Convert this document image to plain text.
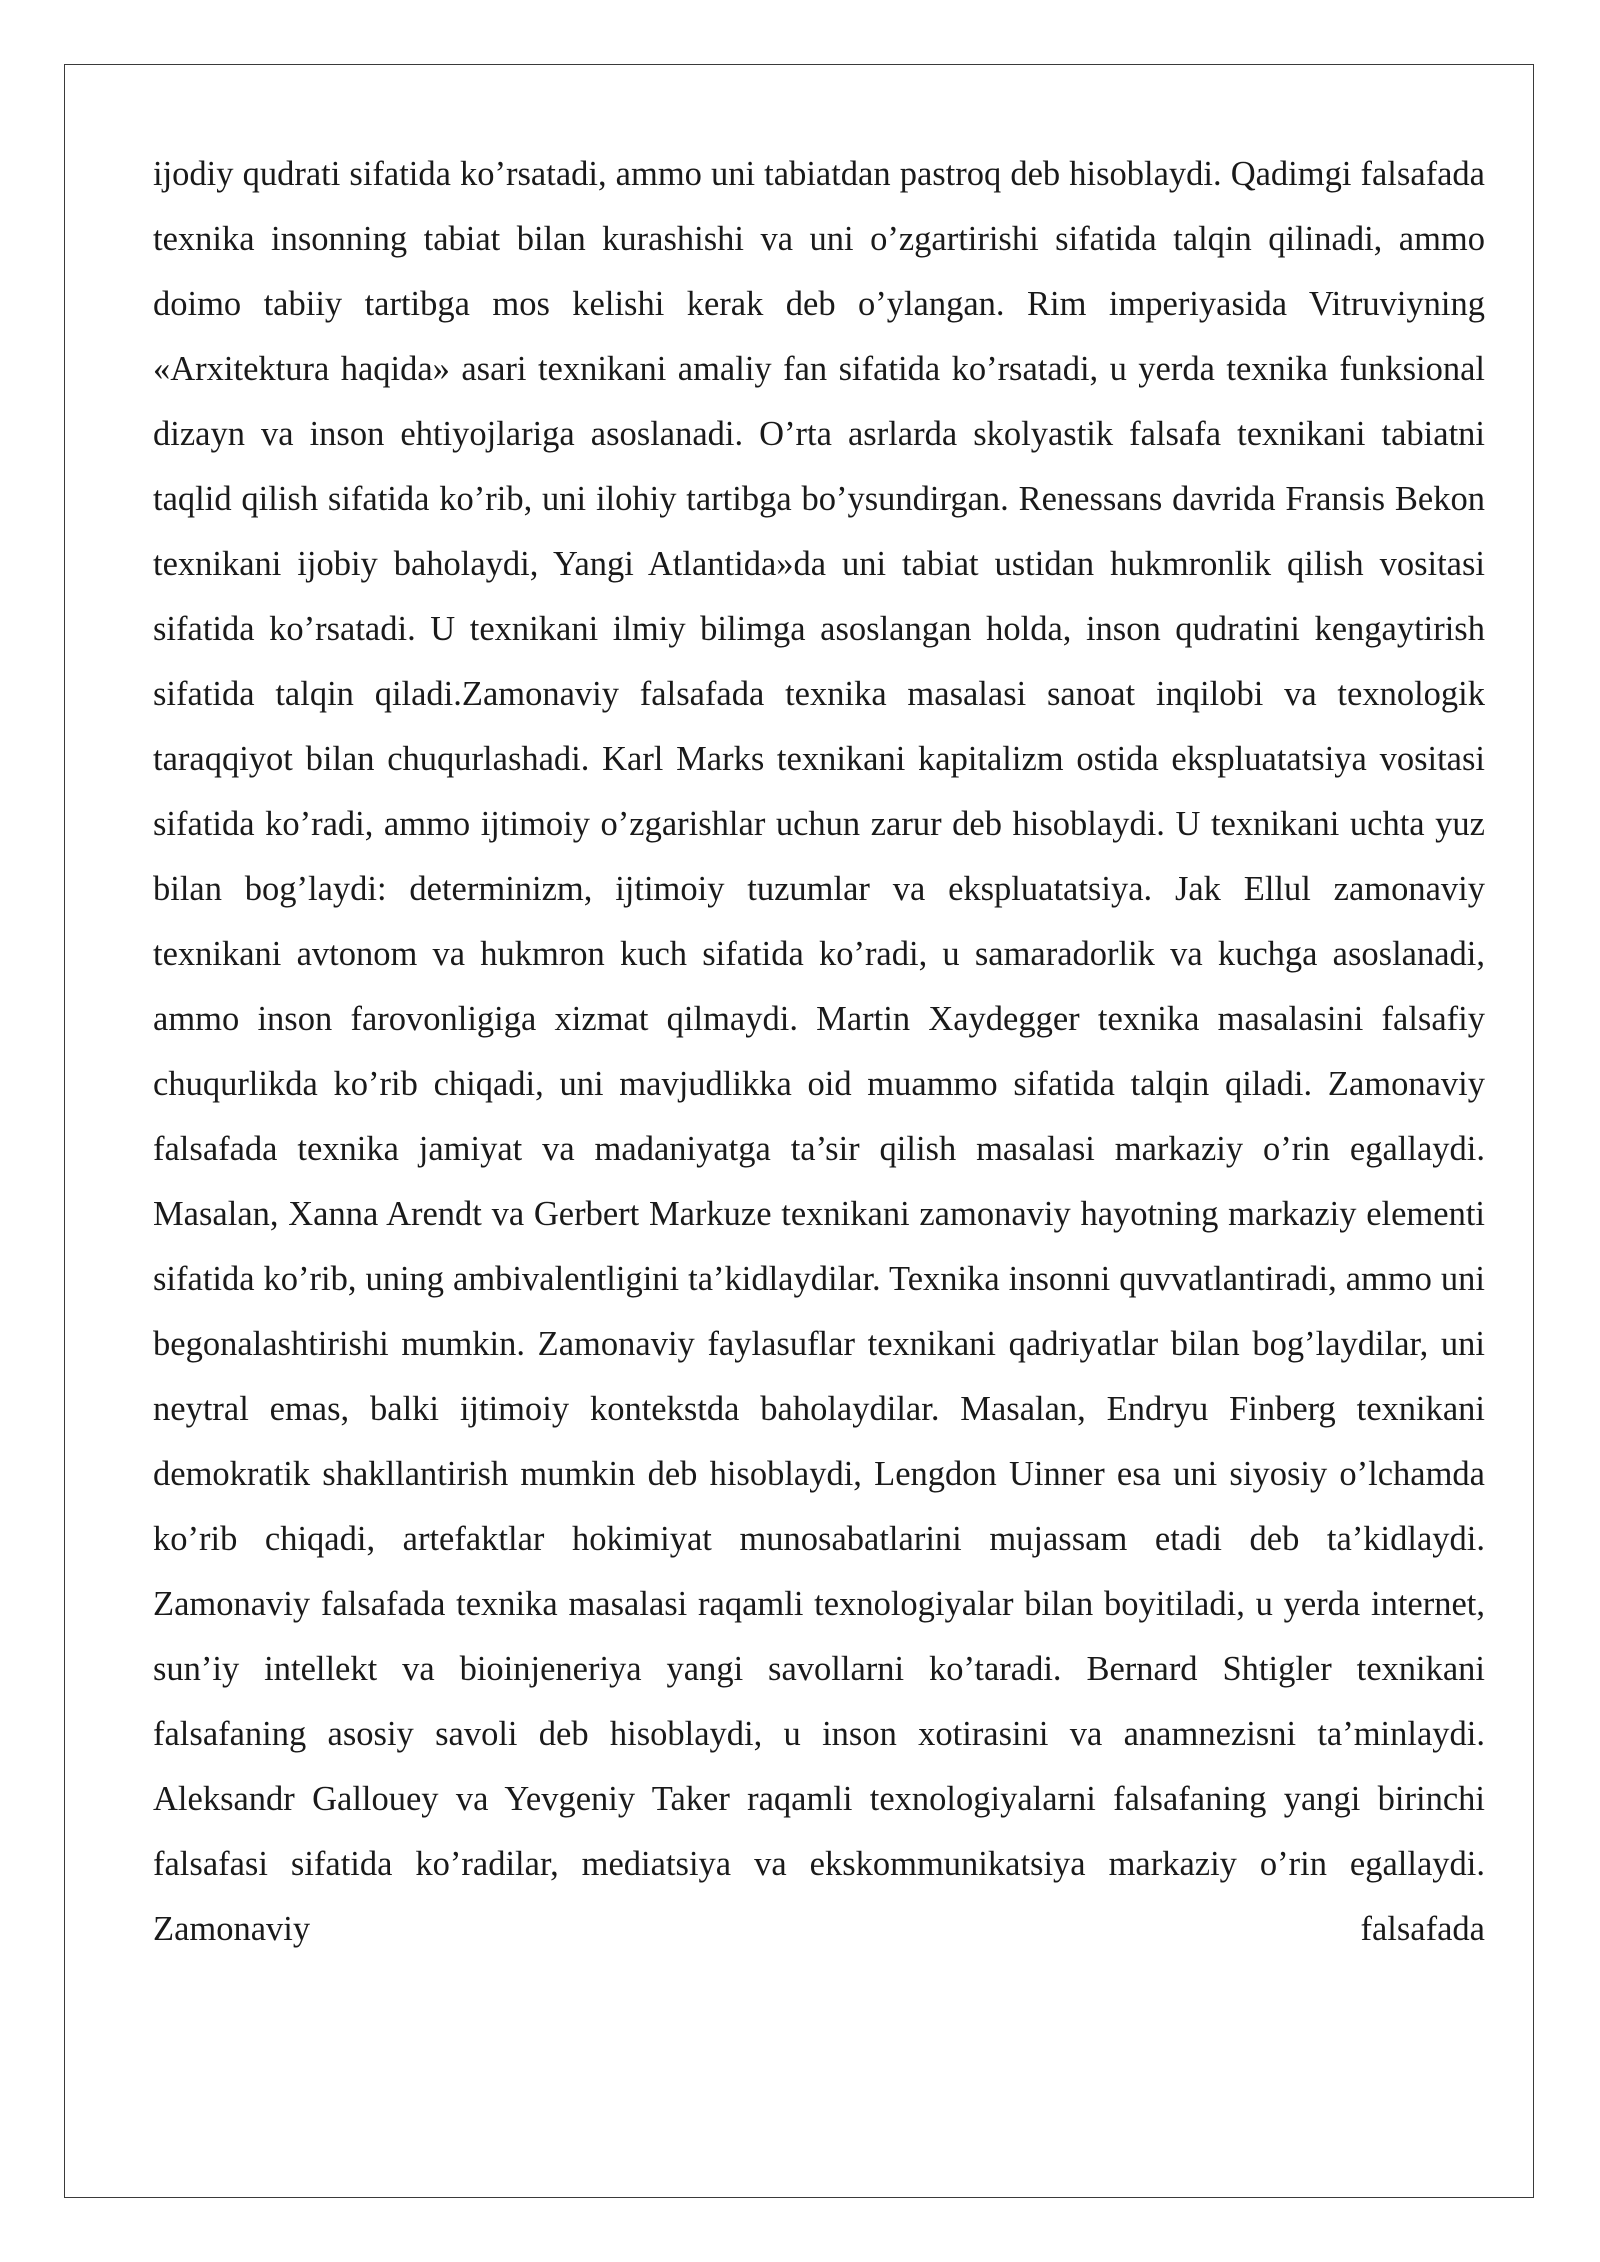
ijodiy qudrati sifatida ko’rsatadi, ammo uni tabiatdan pastroq deb hisoblaydi. Qadimgi falsafada texnika insonning tabiat bilan kurashishi va uni o’zgartirishi sifatida talqin qilinadi, ammo doimo tabiiy tartibga mos kelishi kerak deb o’ylangan. Rim imperiyasida Vitruviyning «Arxitektura haqida» asari texnikani amaliy fan sifatida ko’rsatadi, u yerda texnika funksional dizayn va inson ehtiyojlariga asoslanadi. O’rta asrlarda skolyastik falsafa texnikani tabiatni taqlid qilish sifatida ko’rib, uni ilohiy tartibga bo’ysundirgan. Renessans davrida Fransis Bekon texnikani ijobiy baholaydi, Yangi Atlantida»da uni tabiat ustidan hukmronlik qilish vositasi sifatida ko’rsatadi. U texnikani ilmiy bilimga asoslangan holda, inson qudratini kengaytirish sifatida talqin qiladi.Zamonaviy falsafada texnika masalasi sanoat inqilobi va texnologik taraqqiyot bilan chuqurlashadi. Karl Marks texnikani kapitalizm ostida ekspluatatsiya vositasi sifatida ko’radi, ammo ijtimoiy o’zgarishlar uchun zarur deb hisoblaydi. U texnikani uchta yuz bilan bog’laydi: determinizm, ijtimoiy tuzumlar va ekspluatatsiya. Jak Ellul zamonaviy texnikani avtonom va hukmron kuch sifatida ko’radi, u samaradorlik va kuchga asoslanadi, ammo inson farovonligiga xizmat qilmaydi. Martin Xaydegger texnika masalasini falsafiy chuqurlikda ko’rib chiqadi, uni mavjudlikka oid muammo sifatida talqin qiladi. Zamonaviy falsafada texnika jamiyat va madaniyatga ta’sir qilish masalasi markaziy o’rin egallaydi. Masalan, Xanna Arendt va Gerbert Markuze texnikani zamonaviy hayotning markaziy elementi sifatida ko’rib, uning ambivalentligini ta’kidlaydilar. Texnika insonni quvvatlantiradi, ammo uni begonalashtirishi mumkin. Zamonaviy faylasuflar texnikani qadriyatlar bilan bog’laydilar, uni neytral emas, balki ijtimoiy kontekstda baholaydilar. Masalan, Endryu Finberg texnikani demokratik shakllantirish mumkin deb hisoblaydi, Lengdon Uinner esa uni siyosiy o’lchamda ko’rib chiqadi, artefaktlar hokimiyat munosabatlarini mujassam etadi deb ta’kidlaydi. Zamonaviy falsafada texnika masalasi raqamli texnologiyalar bilan boyitiladi, u yerda internet, sun’iy intellekt va bioinjeneriya yangi savollarni ko’taradi. Bernard Shtigler texnikani falsafaning asosiy savoli deb hisoblaydi, u inson xotirasini va anamnezisni ta’minlaydi. Aleksandr Gallouey va Yevgeniy Taker raqamli texnologiyalarni falsafaning yangi birinchi falsafasi sifatida ko’radilar, mediatsiya va ekskommunikatsiya markaziy o’rin egallaydi. Zamonaviy falsafada
